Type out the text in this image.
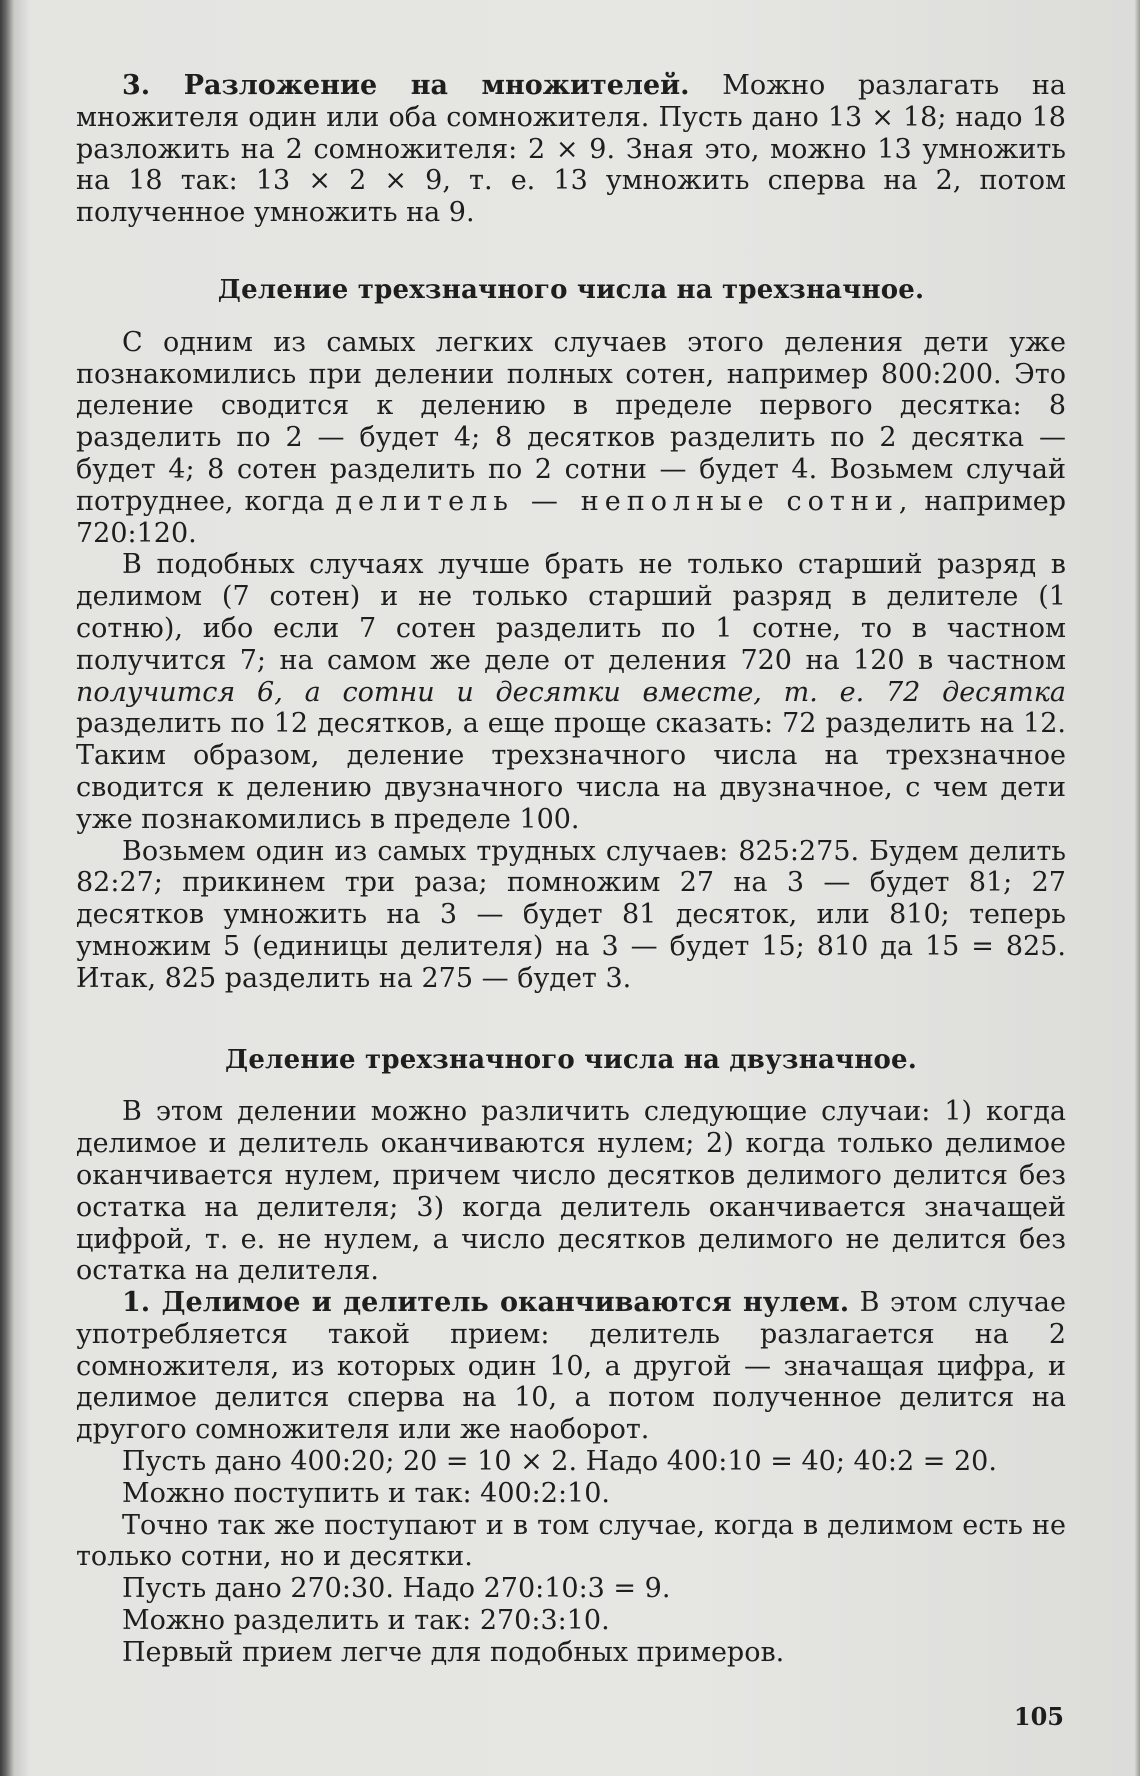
3. Разложение на множителей. Можно разлагать на множителя один или оба сомножителя. Пусть дано 13 × 18; надо 18 разложить на 2 сомножителя: 2 × 9. Зная это, можно 13 умножить на 18 так: 13 × 2 × 9, т. е. 13 умножить сперва на 2, потом полученное умножить на 9.

Деление трехзначного числа на трехзначное.

С одним из самых легких случаев этого деления дети уже познакомились при делении полных сотен, например 800:200. Это деление сводится к делению в пределе первого десятка: 8 разделить по 2 — будет 4; 8 десятков разделить по 2 десятка — будет 4; 8 сотен разделить по 2 сотни — будет 4. Возьмем случай потруднее, когда делитель — неполные сотни, например 720:120.

В подобных случаях лучше брать не только старший разряд в делимом (7 сотен) и не только старший разряд в делителе (1 сотню), ибо если 7 сотен разделить по 1 сотне, то в частном получится 7; на самом же деле от деления 720 на 120 в частном получится 6, а сотни и десятки вместе, т. е. 72 десятка разделить по 12 десятков, а еще проще сказать: 72 разделить на 12. Таким образом, деление трехзначного числа на трехзначное сводится к делению двузначного числа на двузначное, с чем дети уже познакомились в пределе 100.

Возьмем один из самых трудных случаев: 825:275. Будем делить 82:27; прикинем три раза; помножим 27 на 3 — будет 81; 27 десятков умножить на 3 — будет 81 десяток, или 810; теперь умножим 5 (единицы делителя) на 3 — будет 15; 810 да 15 = 825. Итак, 825 разделить на 275 — будет 3.

Деление трехзначного числа на двузначное.

В этом делении можно различить следующие случаи: 1) когда делимое и делитель оканчиваются нулем; 2) когда только делимое оканчивается нулем, причем число десятков делимого делится без остатка на делителя; 3) когда делитель оканчивается значащей цифрой, т. е. не нулем, а число десятков делимого не делится без остатка на делителя.

1. Делимое и делитель оканчиваются нулем. В этом случае употребляется такой прием: делитель разлагается на 2 сомножителя, из которых один 10, а другой — значащая цифра, и делимое делится сперва на 10, а потом полученное делится на другого сомножителя или же наоборот.

Пусть дано 400:20; 20 = 10 × 2. Надо 400:10 = 40; 40:2 = 20.

Можно поступить и так: 400:2:10.

Точно так же поступают и в том случае, когда в делимом есть не только сотни, но и десятки.

Пусть дано 270:30. Надо 270:10:3 = 9.

Можно разделить и так: 270:3:10.

Первый прием легче для подобных примеров.

105
